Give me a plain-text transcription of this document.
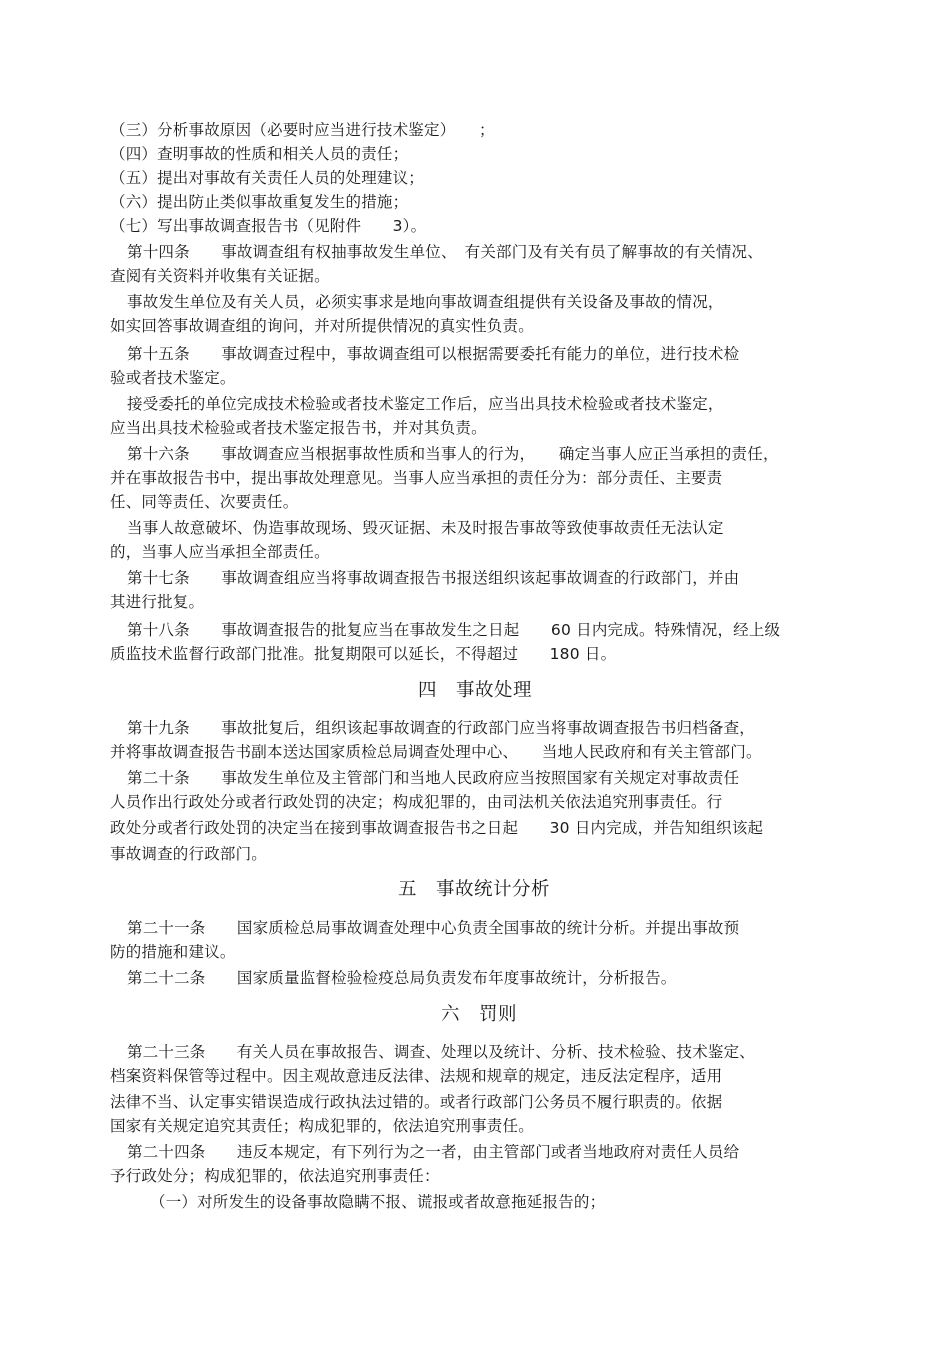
（三）分析事故原因（必要时应当进行技术鉴定）　　；

（四）查明事故的性质和相关人员的责任；

（五）提出对事故有关责任人员的处理建议；

（六）提出防止类似事故重复发生的措施；

（七）写出事故调查报告书（见附件　　3）。

第十四条　　事故调查组有权抽事故发生单位、　有关部门及有关有员了解事故的有关情况、

查阅有关资料并收集有关证据。

事故发生单位及有关人员，必须实事求是地向事故调查组提供有关设备及事故的情况，

如实回答事故调查组的询问，并对所提供情况的真实性负责。

第十五条　　事故调查过程中，事故调查组可以根据需要委托有能力的单位，进行技术检

验或者技术鉴定。

接受委托的单位完成技术检验或者技术鉴定工作后，应当出具技术检验或者技术鉴定，

应当出具技术检验或者技术鉴定报告书，并对其负责。

第十六条　　事故调查应当根据事故性质和当事人的行为，　　确定当事人应正当承担的责任，

并在事故报告书中，提出事故处理意见。当事人应当承担的责任分为：部分责任、主要责

任、同等责任、次要责任。

当事人故意破坏、伪造事故现场、毁灭证据、未及时报告事故等致使事故责任无法认定

的，当事人应当承担全部责任。

第十七条　　事故调查组应当将事故调查报告书报送组织该起事故调查的行政部门，并由

其进行批复。

第十八条　　事故调查报告的批复应当在事故发生之日起　　60 日内完成。特殊情况，经上级

质监技术监督行政部门批准。批复期限可以延长，不得超过　　180 日。

四　事故处理

第十九条　　事故批复后，组织该起事故调查的行政部门应当将事故调查报告书归档备查，

并将事故调查报告书副本送达国家质检总局调查处理中心、　　当地人民政府和有关主管部门。

第二十条　　事故发生单位及主管部门和当地人民政府应当按照国家有关规定对事故责任

人员作出行政处分或者行政处罚的决定；构成犯罪的，由司法机关依法追究刑事责任。行

政处分或者行政处罚的决定当在接到事故调查报告书之日起　　30 日内完成，并告知组织该起

事故调查的行政部门。

五　事故统计分析

第二十一条　　国家质检总局事故调查处理中心负责全国事故的统计分析。并提出事故预

防的措施和建议。

第二十二条　　国家质量监督检验检疫总局负责发布年度事故统计，分析报告。

六　罚则

第二十三条　　有关人员在事故报告、调查、处理以及统计、分析、技术检验、技术鉴定、

档案资料保管等过程中。因主观故意违反法律、法规和规章的规定，违反法定程序，适用

法律不当、认定事实错误造成行政执法过错的。或者行政部门公务员不履行职责的。依据

国家有关规定追究其责任；构成犯罪的，依法追究刑事责任。

第二十四条　　违反本规定，有下列行为之一者，由主管部门或者当地政府对责任人员给

予行政处分；构成犯罪的，依法追究刑事责任：

（一）对所发生的设备事故隐瞒不报、谎报或者故意拖延报告的；
